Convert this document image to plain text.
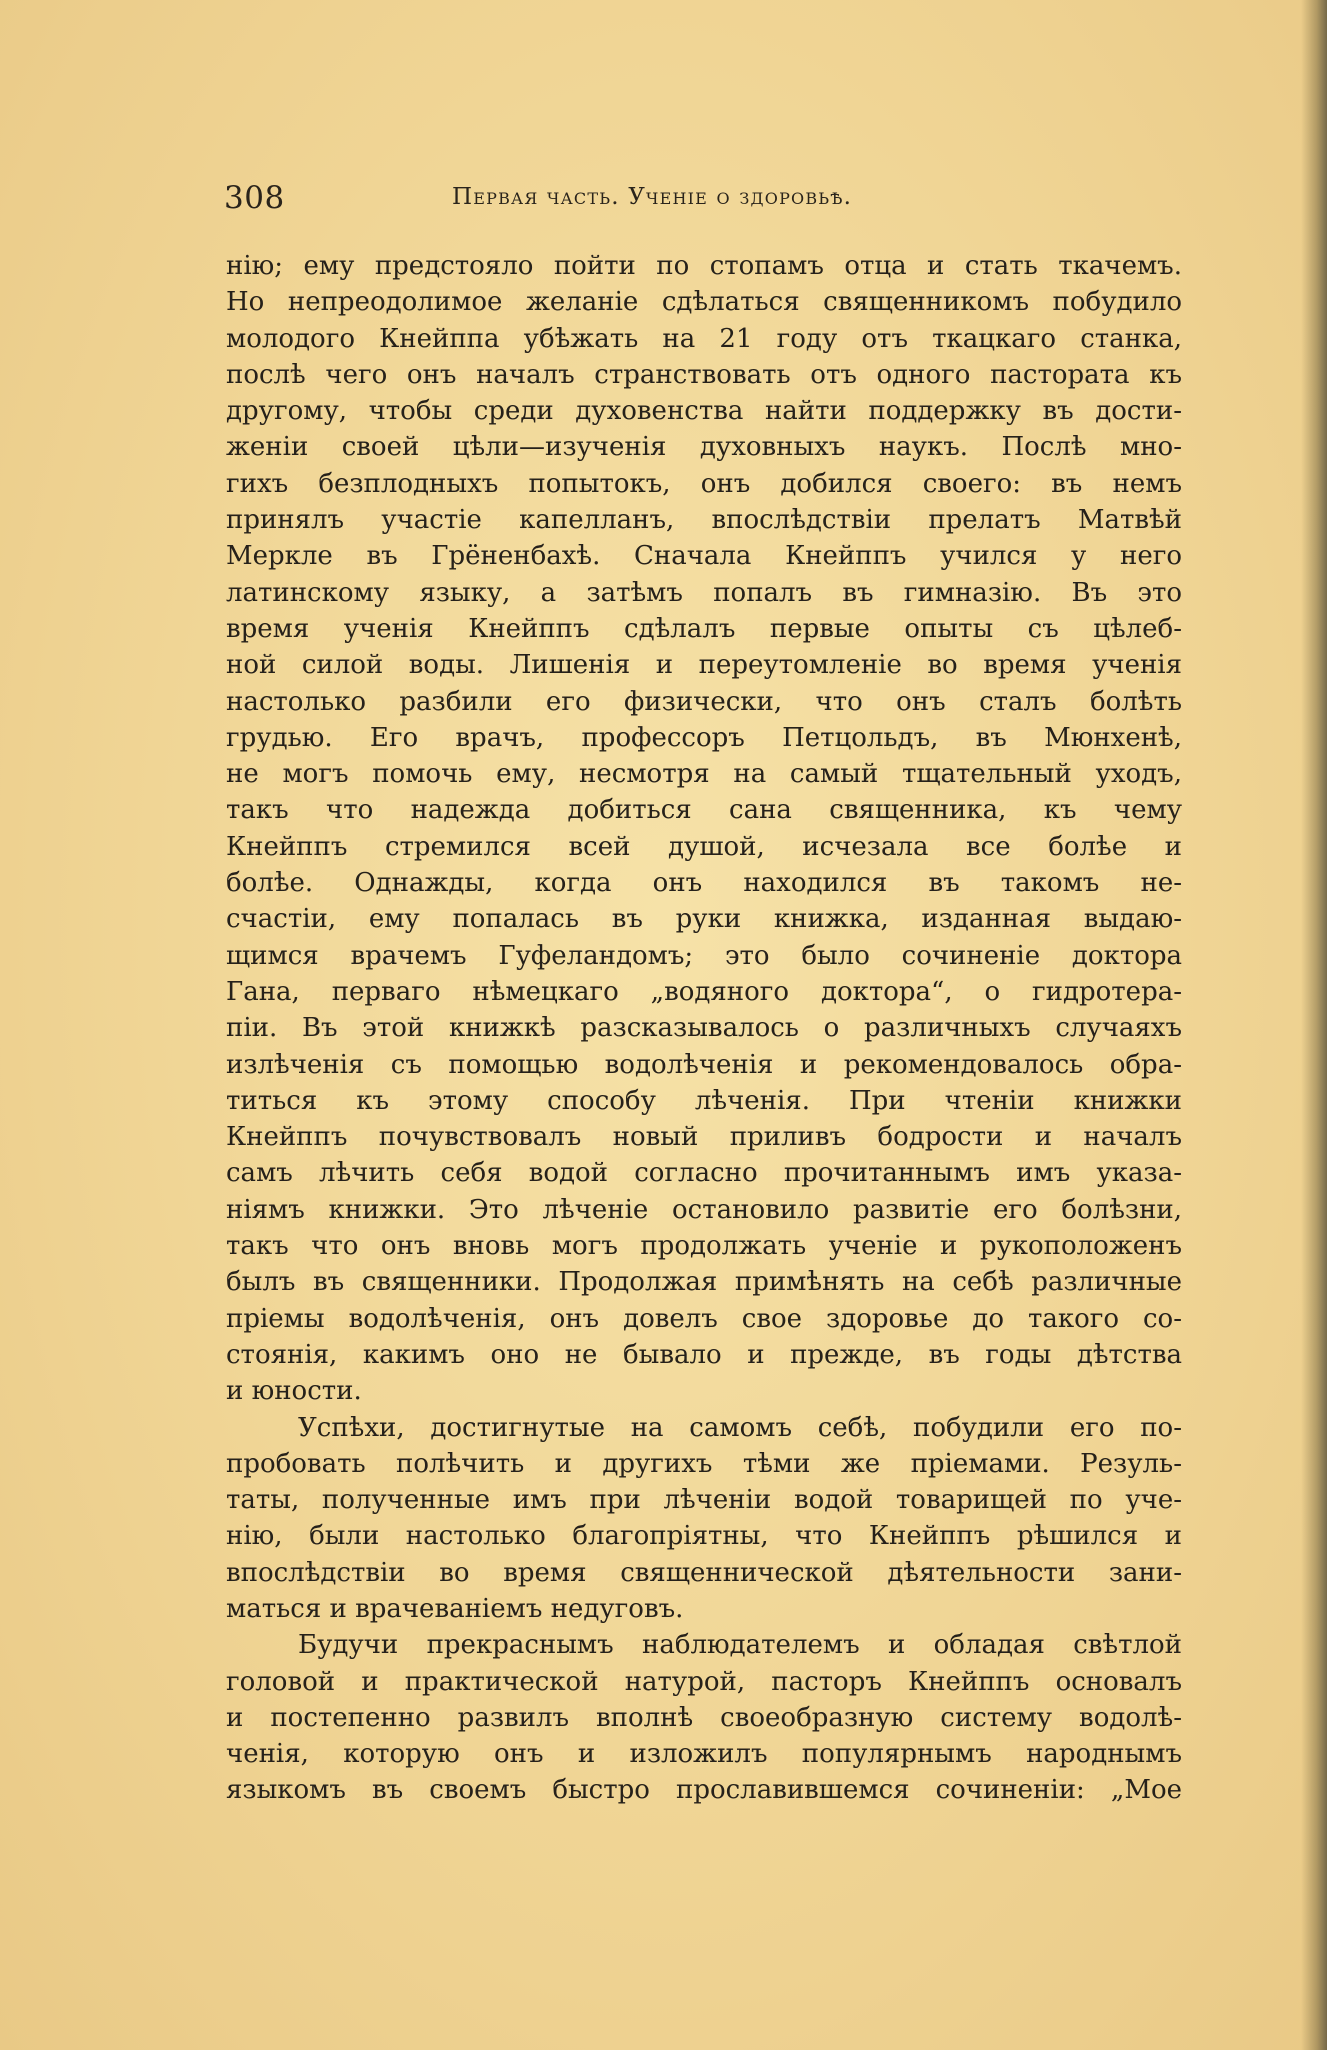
308	Первая часть. Ученіе о здоровьѣ.
нію; ему предстояло пойти по стопамъ отца и стать ткачемъ.
Но непреодолимое желаніе сдѣлаться священникомъ побудило
молодого Кнейппа убѣжать на 21 году отъ ткацкаго станка,
послѣ чего онъ началъ странствовать отъ одного пастората къ
другому, чтобы среди духовенства найти поддержку въ дости-
женіи своей цѣли—изученія духовныхъ наукъ. Послѣ мно-
гихъ безплодныхъ попытокъ, онъ добился своего: въ немъ
принялъ участіе капелланъ, впослѣдствіи прелатъ Матвѣй
Меркле въ Грёненбахѣ. Сначала Кнейппъ учился у него
латинскому языку, а затѣмъ попалъ въ гимназію. Въ это
время ученія Кнейппъ сдѣлалъ первые опыты съ цѣлеб-
ной силой воды. Лишенія и переутомленіе во время ученія
настолько разбили его физически, что онъ сталъ болѣть
грудью. Его врачъ, профессоръ Петцольдъ, въ Мюнхенѣ,
не могъ помочь ему, несмотря на самый тщательный уходъ,
такъ что надежда добиться сана священника, къ чему
Кнейппъ стремился всей душой, исчезала все болѣе и
болѣе. Однажды, когда онъ находился въ такомъ не-
счастіи, ему попалась въ руки книжка, изданная выдаю-
щимся врачемъ Гуфеландомъ; это было сочиненіе доктора
Гана, перваго нѣмецкаго „водяного доктора“, о гидротера-
піи. Въ этой книжкѣ разсказывалось о различныхъ случаяхъ
излѣченія съ помощью водолѣченія и рекомендовалось обра-
титься къ этому способу лѣченія. При чтеніи книжки
Кнейппъ почувствовалъ новый приливъ бодрости и началъ
самъ лѣчить себя водой согласно прочитаннымъ имъ указа-
ніямъ книжки. Это лѣченіе остановило развитіе его болѣзни,
такъ что онъ вновь могъ продолжать ученіе и рукоположенъ
былъ въ священники. Продолжая примѣнять на себѣ различные
пріемы водолѣченія, онъ довелъ свое здоровье до такого со-
стоянія, какимъ оно не бывало и прежде, въ годы дѣтства
и юности.
Успѣхи, достигнутые на самомъ себѣ, побудили его по-
пробовать полѣчить и другихъ тѣми же пріемами. Резуль-
таты, полученные имъ при лѣченіи водой товарищей по уче-
нію, были настолько благопріятны, что Кнейппъ рѣшился и
впослѣдствіи во время священнической дѣятельности зани-
маться и врачеваніемъ недуговъ.
Будучи прекраснымъ наблюдателемъ и обладая свѣтлой
головой и практической натурой, пасторъ Кнейппъ основалъ
и постепенно развилъ вполнѣ своеобразную систему водолѣ-
ченія, которую онъ и изложилъ популярнымъ народнымъ
языкомъ въ своемъ быстро прославившемся сочиненіи: „Мое
